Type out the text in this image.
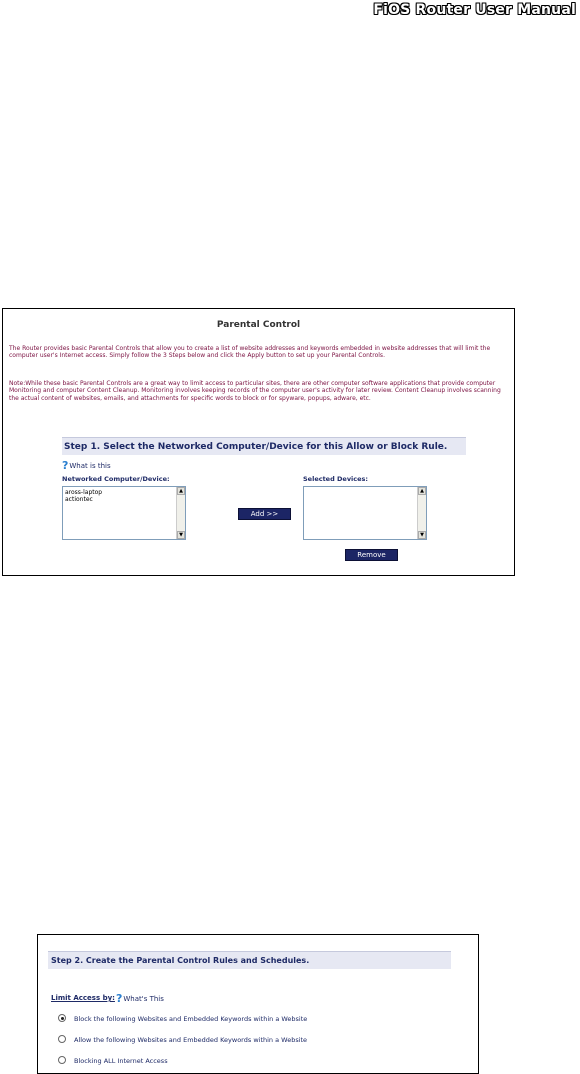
FiOS Router User Manual
Parental Control
The Router provides basic Parental Controls that allow you to create a list of website addresses and keywords embedded in website addresses that will limit the computer user's Internet access. Simply follow the 3 Steps below and click the Apply button to set up your Parental Controls.
Note:While these basic Parental Controls are a great way to limit access to particular sites, there are other computer software applications that provide computer Monitoring and computer Content Cleanup. Monitoring involves keeping records of the computer user's activity for later review. Content Cleanup involves scanning the actual content of websites, emails, and attachments for specific words to block or for spyware, popups, adware, etc.
Step 1. Select the Networked Computer/Device for this Allow or Block Rule.
?What is this
Networked Computer/Device:	Selected Devices:
aross-laptop
actiontec
▲
▼
Add >>
▲
▼
Remove
Step 2. Create the Parental Control Rules and Schedules.
Limit Access by: ?What's This
Block the following Websites and Embedded Keywords within a Website
Allow the following Websites and Embedded Keywords within a Website
Blocking ALL Internet Access
